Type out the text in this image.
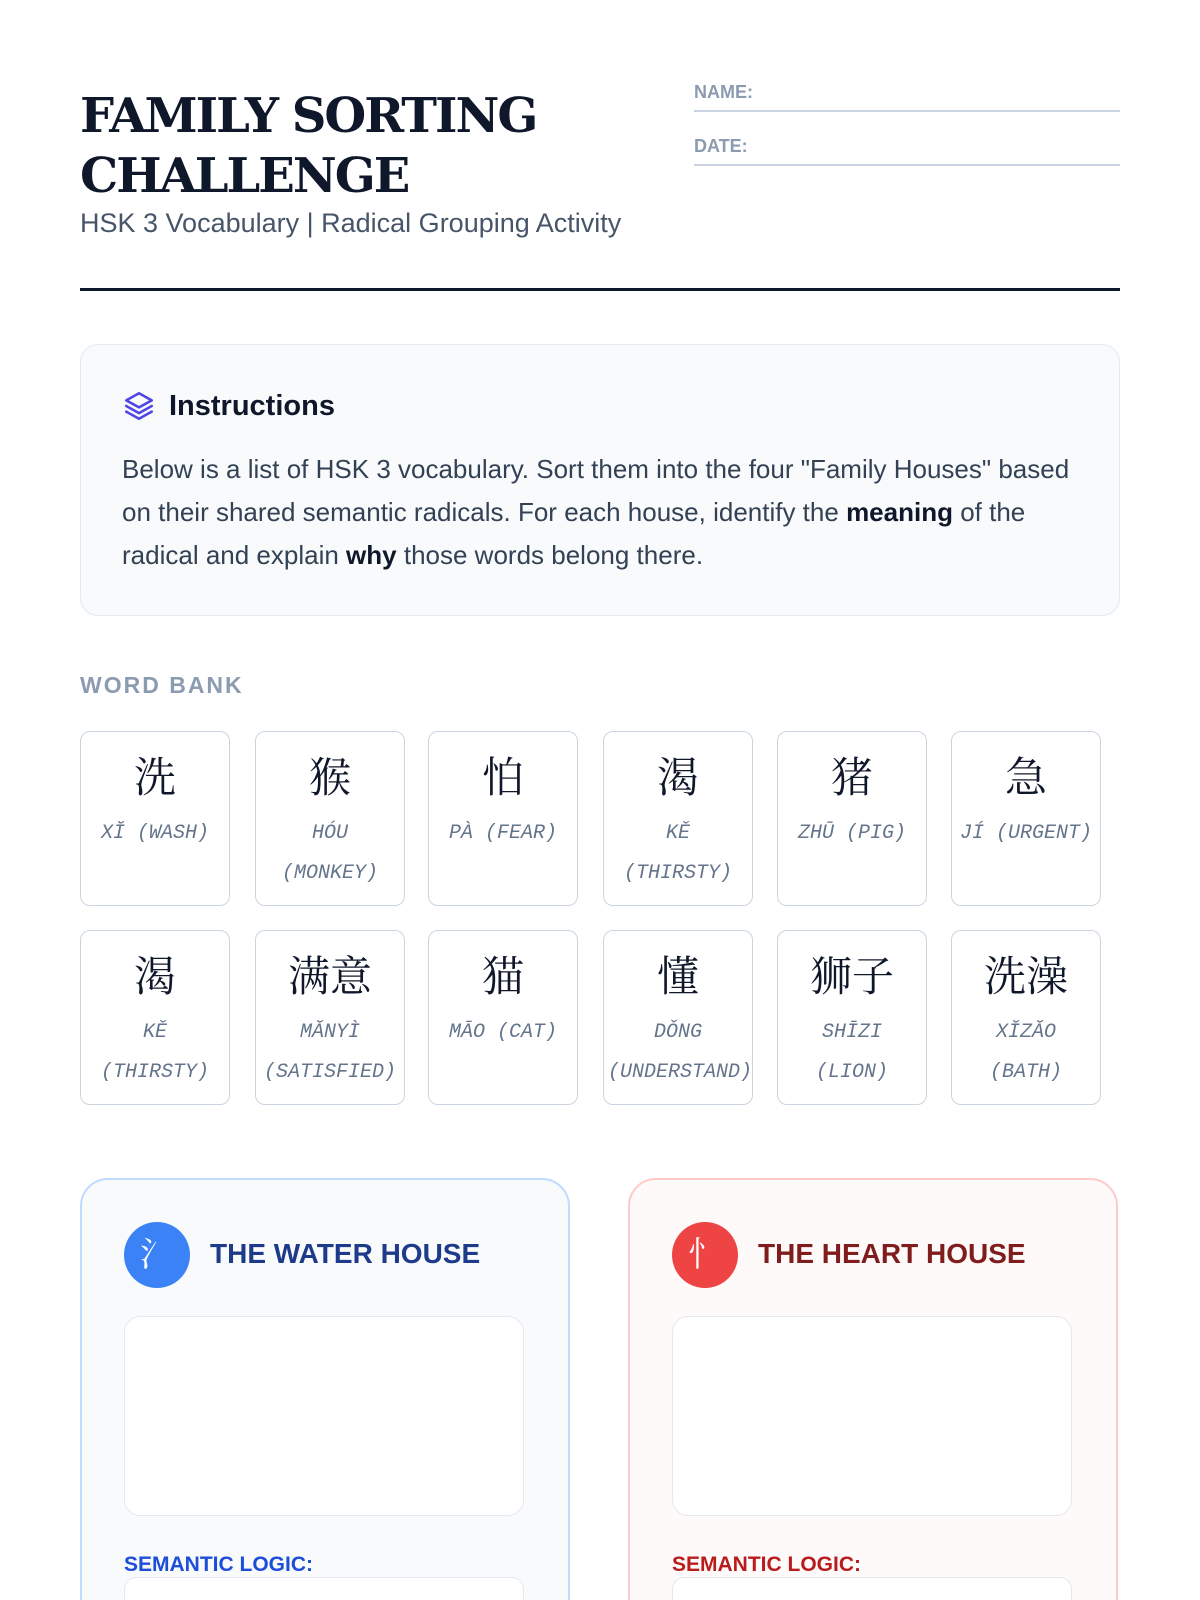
FAMILY SORTING CHALLENGE
HSK 3 Vocabulary | Radical Grouping Activity
NAME:
DATE:
Instructions

Below is a list of HSK 3 vocabulary. Sort them into the four "Family Houses" based on their shared semantic radicals. For each house, identify the meaning of the radical and explain why those words belong there.

WORD BANK
洗
XĬ (WASH)
猴
HÓU (MONKEY)
怕
PÀ (FEAR)
渴
KĚ (THIRSTY)
猪
ZHŪ (PIG)
急
JÍ (URGENT)
渴
KĚ (THIRSTY)
满意
MĂNYÌ (SATISFIED)
猫
MĀO (CAT)
懂
DǑNG (UNDERSTAND)
狮子
SHĪZI (LION)
洗澡
XĬZĂO (BATH)
氵	THE WATER HOUSE
SEMANTIC LOGIC:
忄	THE HEART HOUSE
SEMANTIC LOGIC:
